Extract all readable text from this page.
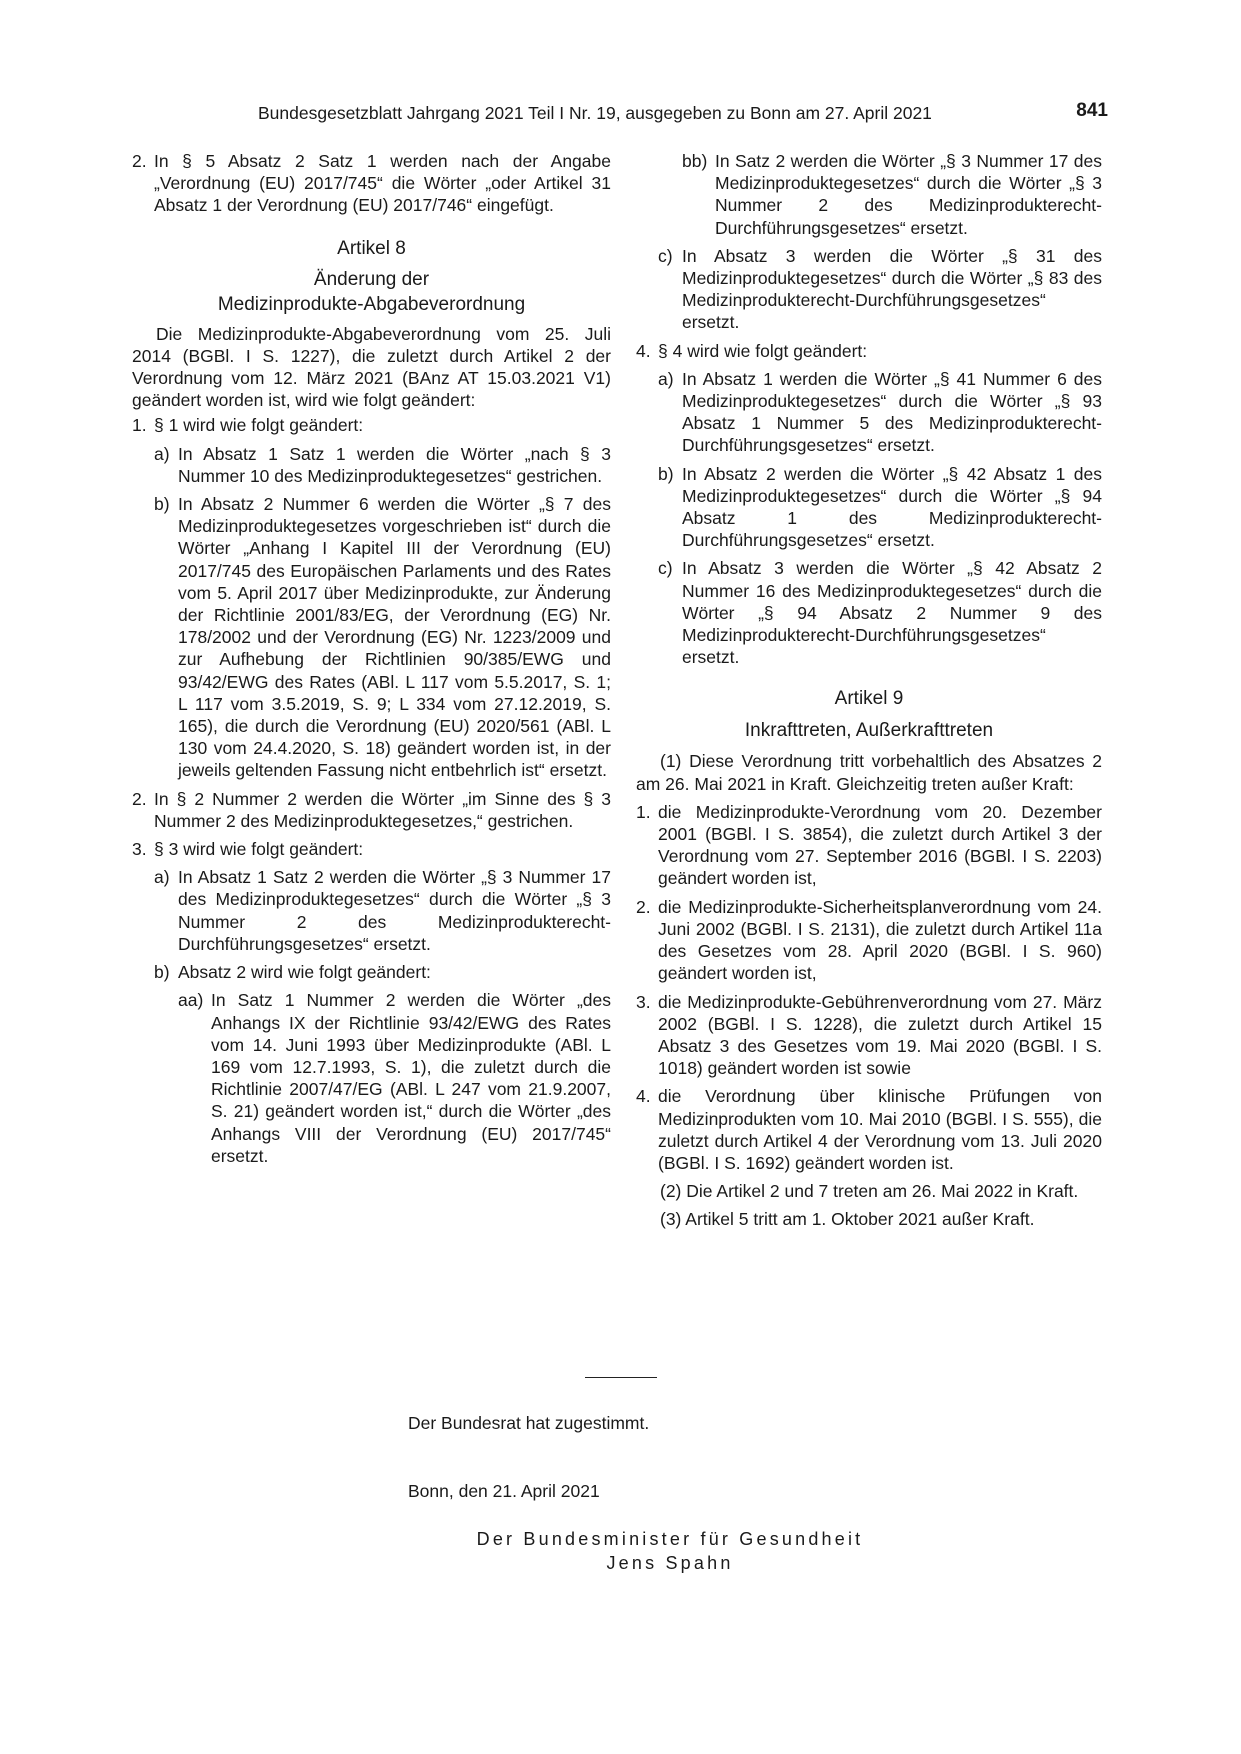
Bundesgesetzblatt Jahrgang 2021 Teil I Nr. 19, ausgegeben zu Bonn am 27. April 2021	841
2. In § 5 Absatz 2 Satz 1 werden nach der Angabe „Verordnung (EU) 2017/745“ die Wörter „oder Artikel 31 Absatz 1 der Verordnung (EU) 2017/746“ eingefügt.

Artikel 8
Änderung der
Medizinprodukte-Abgabeverordnung

Die Medizinprodukte-Abgabeverordnung vom 25. Juli 2014 (BGBl. I S. 1227), die zuletzt durch Artikel 2 der Verordnung vom 12. März 2021 (BAnz AT 15.03.2021 V1) geändert worden ist, wird wie folgt geändert:

1. § 1 wird wie folgt geändert:

a) In Absatz 1 Satz 1 werden die Wörter „nach § 3 Nummer 10 des Medizinproduktegesetzes“ gestrichen.

b) In Absatz 2 Nummer 6 werden die Wörter „§ 7 des Medizinproduktegesetzes vorgeschrieben ist“ durch die Wörter „Anhang I Kapitel III der Verordnung (EU) 2017/745 des Europäischen Parlaments und des Rates vom 5. April 2017 über Medizinprodukte, zur Änderung der Richtlinie 2001/83/EG, der Verordnung (EG) Nr. 178/2002 und der Verordnung (EG) Nr. 1223/2009 und zur Aufhebung der Richtlinien 90/385/EWG und 93/42/EWG des Rates (ABl. L 117 vom 5.5.2017, S. 1; L 117 vom 3.5.2019, S. 9; L 334 vom 27.12.2019, S. 165), die durch die Verordnung (EU) 2020/561 (ABl. L 130 vom 24.4.2020, S. 18) geändert worden ist, in der jeweils geltenden Fassung nicht entbehrlich ist“ ersetzt.

2. In § 2 Nummer 2 werden die Wörter „im Sinne des § 3 Nummer 2 des Medizinproduktegesetzes,“ gestrichen.

3. § 3 wird wie folgt geändert:

a) In Absatz 1 Satz 2 werden die Wörter „§ 3 Nummer 17 des Medizinproduktegesetzes“ durch die Wörter „§ 3 Nummer 2 des Medizinprodukterecht-Durchführungsgesetzes“ ersetzt.

b) Absatz 2 wird wie folgt geändert:

aa) In Satz 1 Nummer 2 werden die Wörter „des Anhangs IX der Richtlinie 93/42/EWG des Rates vom 14. Juni 1993 über Medizinprodukte (ABl. L 169 vom 12.7.1993, S. 1), die zuletzt durch die Richtlinie 2007/47/EG (ABl. L 247 vom 21.9.2007, S. 21) geändert worden ist,“ durch die Wörter „des Anhangs VIII der Verordnung (EU) 2017/745“ ersetzt.

bb) In Satz 2 werden die Wörter „§ 3 Nummer 17 des Medizinproduktegesetzes“ durch die Wörter „§ 3 Nummer 2 des Medizinprodukterecht-Durchführungsgesetzes“ ersetzt.

c) In Absatz 3 werden die Wörter „§ 31 des Medizinproduktegesetzes“ durch die Wörter „§ 83 des Medizinprodukterecht-Durchführungsgesetzes“ ersetzt.

4. § 4 wird wie folgt geändert:

a) In Absatz 1 werden die Wörter „§ 41 Nummer 6 des Medizinproduktegesetzes“ durch die Wörter „§ 93 Absatz 1 Nummer 5 des Medizinprodukterecht-Durchführungsgesetzes“ ersetzt.

b) In Absatz 2 werden die Wörter „§ 42 Absatz 1 des Medizinproduktegesetzes“ durch die Wörter „§ 94 Absatz 1 des Medizinprodukterecht-Durchführungsgesetzes“ ersetzt.

c) In Absatz 3 werden die Wörter „§ 42 Absatz 2 Nummer 16 des Medizinproduktegesetzes“ durch die Wörter „§ 94 Absatz 2 Nummer 9 des Medizinprodukterecht-Durchführungsgesetzes“ ersetzt.

Artikel 9
Inkrafttreten, Außerkrafttreten

(1) Diese Verordnung tritt vorbehaltlich des Absatzes 2 am 26. Mai 2021 in Kraft. Gleichzeitig treten außer Kraft:

1. die Medizinprodukte-Verordnung vom 20. Dezember 2001 (BGBl. I S. 3854), die zuletzt durch Artikel 3 der Verordnung vom 27. September 2016 (BGBl. I S. 2203) geändert worden ist,

2. die Medizinprodukte-Sicherheitsplanverordnung vom 24. Juni 2002 (BGBl. I S. 2131), die zuletzt durch Artikel 11a des Gesetzes vom 28. April 2020 (BGBl. I S. 960) geändert worden ist,

3. die Medizinprodukte-Gebührenverordnung vom 27. März 2002 (BGBl. I S. 1228), die zuletzt durch Artikel 15 Absatz 3 des Gesetzes vom 19. Mai 2020 (BGBl. I S. 1018) geändert worden ist sowie

4. die Verordnung über klinische Prüfungen von Medizinprodukten vom 10. Mai 2010 (BGBl. I S. 555), die zuletzt durch Artikel 4 der Verordnung vom 13. Juli 2020 (BGBl. I S. 1692) geändert worden ist.

(2) Die Artikel 2 und 7 treten am 26. Mai 2022 in Kraft.

(3) Artikel 5 tritt am 1. Oktober 2021 außer Kraft.

Der Bundesrat hat zugestimmt.
Bonn, den 21. April 2021
Der Bundesminister für Gesundheit
Jens Spahn
